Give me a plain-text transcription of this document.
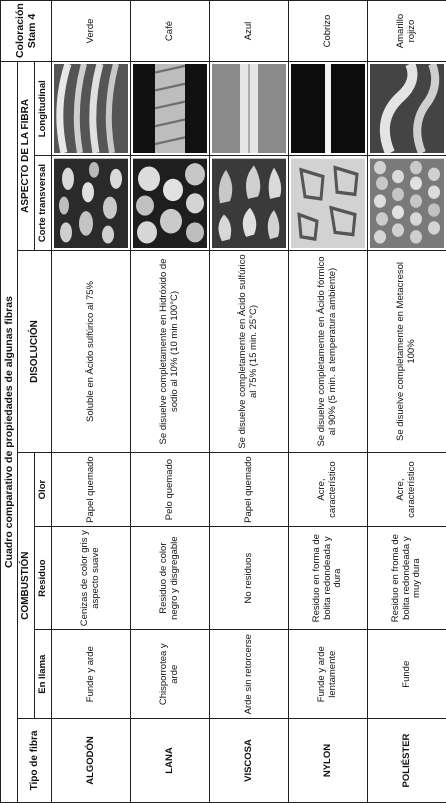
Cuadro comparativo de propiedades de algunas fibras							Coloración Stam 4
Tipo de fibra	COMBUSTIÓN			DISOLUCIÓN	ASPECTO DE LA FIBRA		
	En llama	Residuo	Olor		Corte transversal	Longitudinal	
ALGODÓN	Funde y arde	Cenizas de color gris y aspecto suave	Papel quemado	Soluble en Ácido sulfúrico al 75%			Verde
LANA	Chisporrotea y arde	Residuo de color negro y disgregable	Pelo quemado	Se disuelve completamente en Hidróxido de sodio al 10% (10 min 100°C)			Café
VISCOSA	Arde sin retorcerse	No residuos	Papel quemado	Se disuelve completamente en Ácido sulfúrico al 75% (15 min. 25°C)			Azul
NYLON	Funde y arde lentamente	Residuo en forma de bolita redondeada y dura	Acre, característico	Se disuelve completamente en Ácido fórmico al 90% (5 min. a temperatura ambiente)			Cobrizo
POLIÉSTER	Funde	Residuo en froma de bolita redondeada y muy dura	Acre, característico	Se disuelve completamente en Metacresol 100%			Amarillo rojizo
